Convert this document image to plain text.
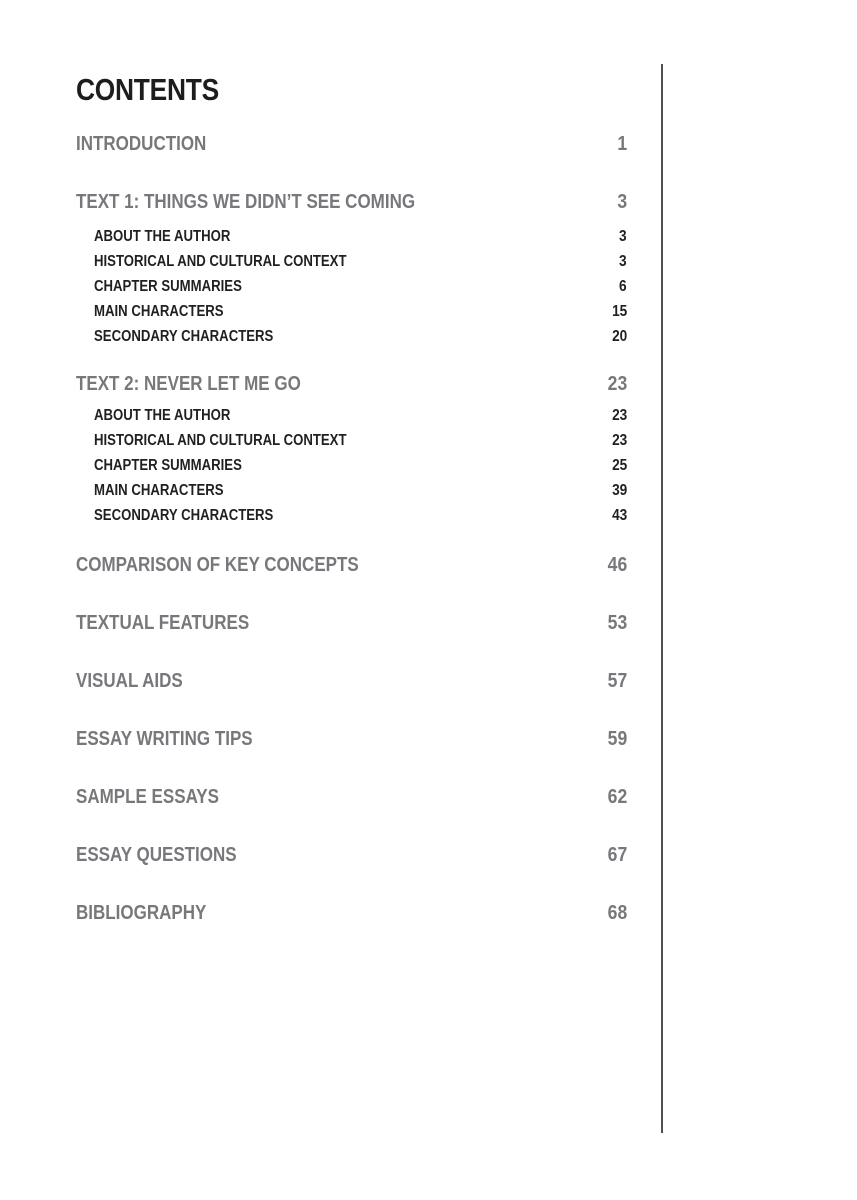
CONTENTS
INTRODUCTION	1
TEXT 1: THINGS WE DIDN’T SEE COMING	3
ABOUT THE AUTHOR	3
HISTORICAL AND CULTURAL CONTEXT	3
CHAPTER SUMMARIES	6
MAIN CHARACTERS	15
SECONDARY CHARACTERS	20
TEXT 2: NEVER LET ME GO	23
ABOUT THE AUTHOR	23
HISTORICAL AND CULTURAL CONTEXT	23
CHAPTER SUMMARIES	25
MAIN CHARACTERS	39
SECONDARY CHARACTERS	43
COMPARISON OF KEY CONCEPTS	46
TEXTUAL FEATURES	53
VISUAL AIDS	57
ESSAY WRITING TIPS	59
SAMPLE ESSAYS	62
ESSAY QUESTIONS	67
BIBLIOGRAPHY	68
